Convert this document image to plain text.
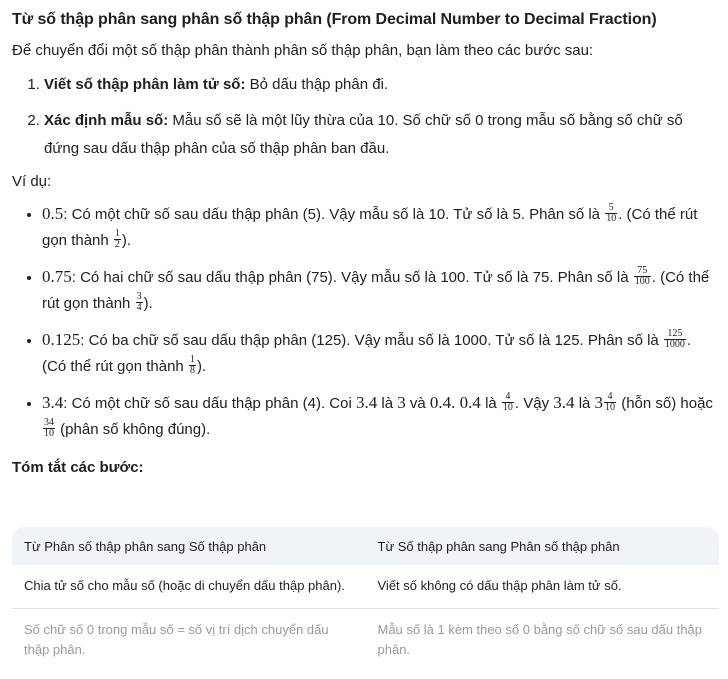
Từ số thập phân sang phân số thập phân (From Decimal Number to Decimal Fraction)

Để chuyển đổi một số thập phân thành phân số thập phân, bạn làm theo các bước sau:

1. Viết số thập phân làm tử số: Bỏ dấu thập phân đi.
2. Xác định mẫu số: Mẫu số sẽ là một lũy thừa của 10. Số chữ số 0 trong mẫu số bằng số chữ số đứng sau dấu thập phân của số thập phân ban đầu.

Ví dụ:

• 0.5: Có một chữ số sau dấu thập phân (5). Vậy mẫu số là 10. Tử số là 5. Phân số là $\frac{5}{10}$ . (Có thể rút gọn thành $\frac{1}{2}$ ).
• 0.75: Có hai chữ số sau dấu thập phân (75). Vậy mẫu số là 100. Tử số là 75. Phân số là $\frac{75}{100}$ . (Có thể rút gọn thành $\frac{3}{4}$ ).
• 0.125: Có ba chữ số sau dấu thập phân (125). Vậy mẫu số là 1000. Tử số là 125. Phân số là $\frac{125}{1000}$ . (Có thể rút gọn thành $\frac{1}{8}$ ).
• 3.4: Có một chữ số sau dấu thập phân (4). Coi 3.4 là 3 và 0.4. 0.4 là $\frac{4}{10}$ . Vậy 3.4 là $3 \frac{4}{10}$ (hỗn số) hoặc
$\frac{34}{10}$ (phân số không đúng).

Tóm tắt các bước:

Từ Phân số thập phân sang Số thập phân	Từ Số thập phân sang Phân số thập phân
Chia tử số cho mẫu số (hoặc di chuyển dấu thập phân).	Viết số không có dấu thập phân làm tử số.
Số chữ số 0 trong mẫu số = số vị trí dịch chuyển dấu thập phân.	Mẫu số là 1 kèm theo số 0 bằng số chữ số sau dấu thập phân.
